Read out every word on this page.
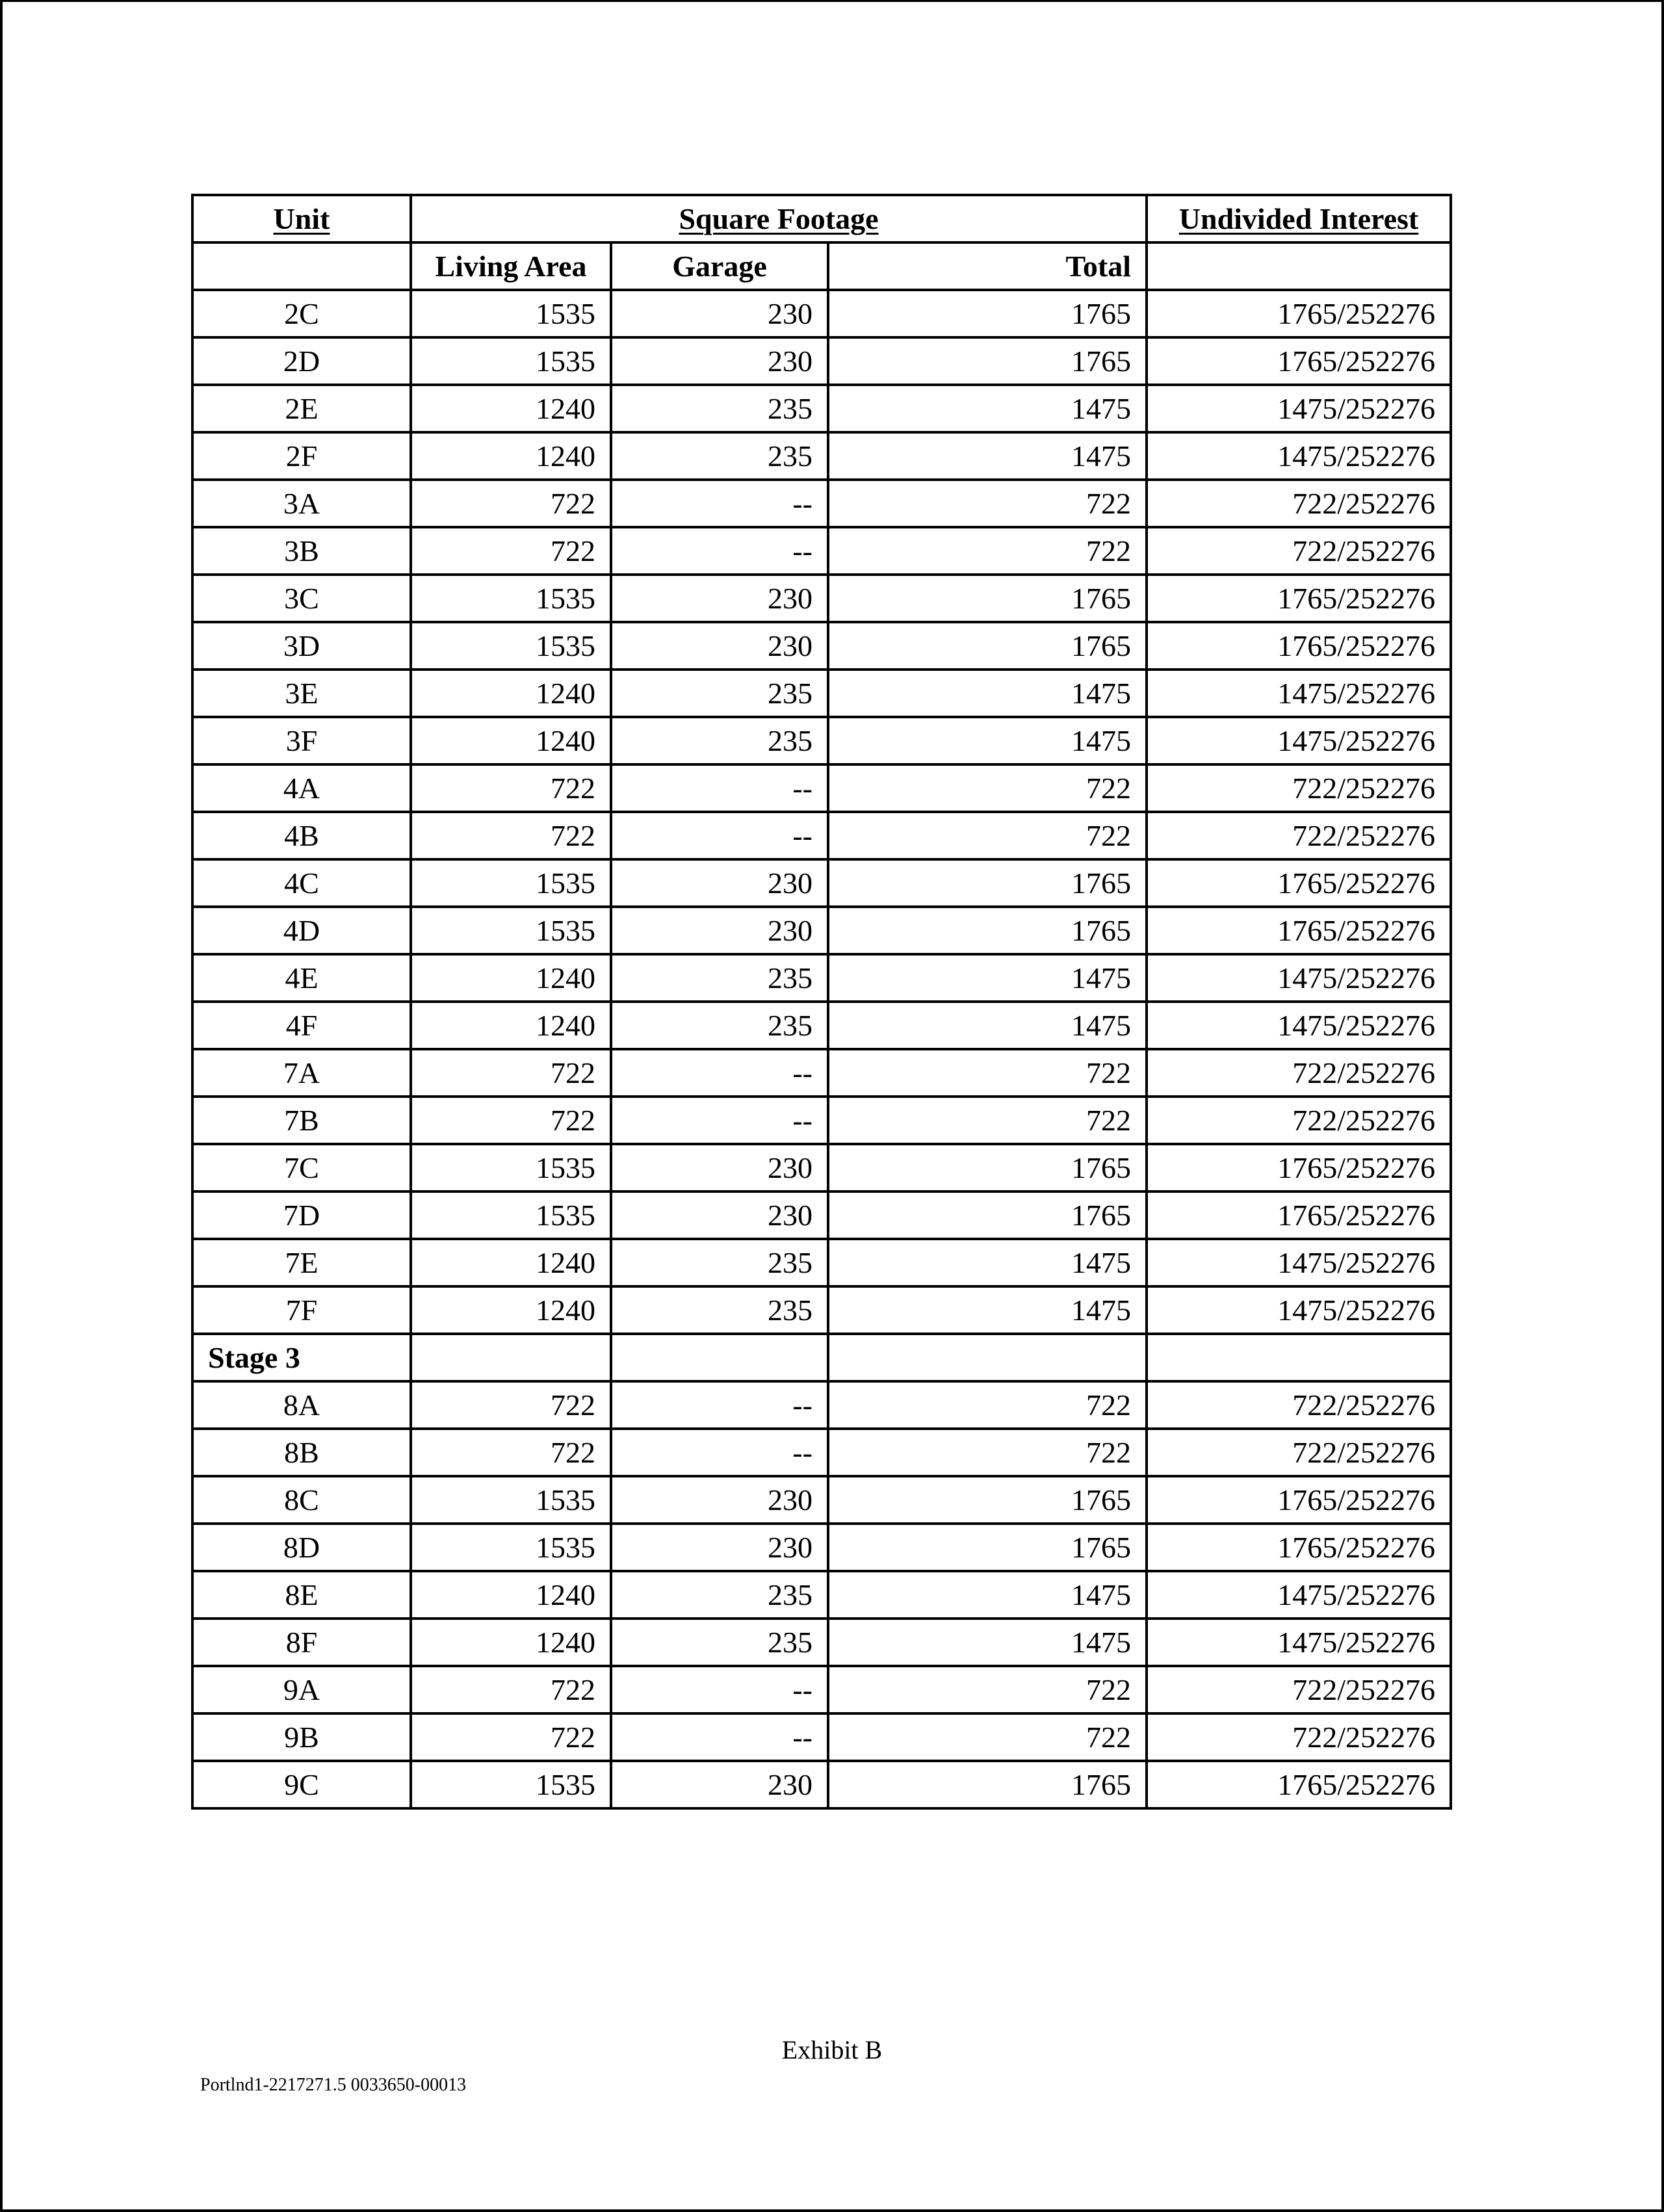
Unit	Square Footage			Undivided Interest
	Living Area	Garage	Total	
2C	1535	230	1765	1765/252276
2D	1535	230	1765	1765/252276
2E	1240	235	1475	1475/252276
2F	1240	235	1475	1475/252276
3A	722	--	722	722/252276
3B	722	--	722	722/252276
3C	1535	230	1765	1765/252276
3D	1535	230	1765	1765/252276
3E	1240	235	1475	1475/252276
3F	1240	235	1475	1475/252276
4A	722	--	722	722/252276
4B	722	--	722	722/252276
4C	1535	230	1765	1765/252276
4D	1535	230	1765	1765/252276
4E	1240	235	1475	1475/252276
4F	1240	235	1475	1475/252276
7A	722	--	722	722/252276
7B	722	--	722	722/252276
7C	1535	230	1765	1765/252276
7D	1535	230	1765	1765/252276
7E	1240	235	1475	1475/252276
7F	1240	235	1475	1475/252276
Stage 3				
8A	722	--	722	722/252276
8B	722	--	722	722/252276
8C	1535	230	1765	1765/252276
8D	1535	230	1765	1765/252276
8E	1240	235	1475	1475/252276
8F	1240	235	1475	1475/252276
9A	722	--	722	722/252276
9B	722	--	722	722/252276
9C	1535	230	1765	1765/252276
Exhibit B
Portlnd1-2217271.5 0033650-00013
